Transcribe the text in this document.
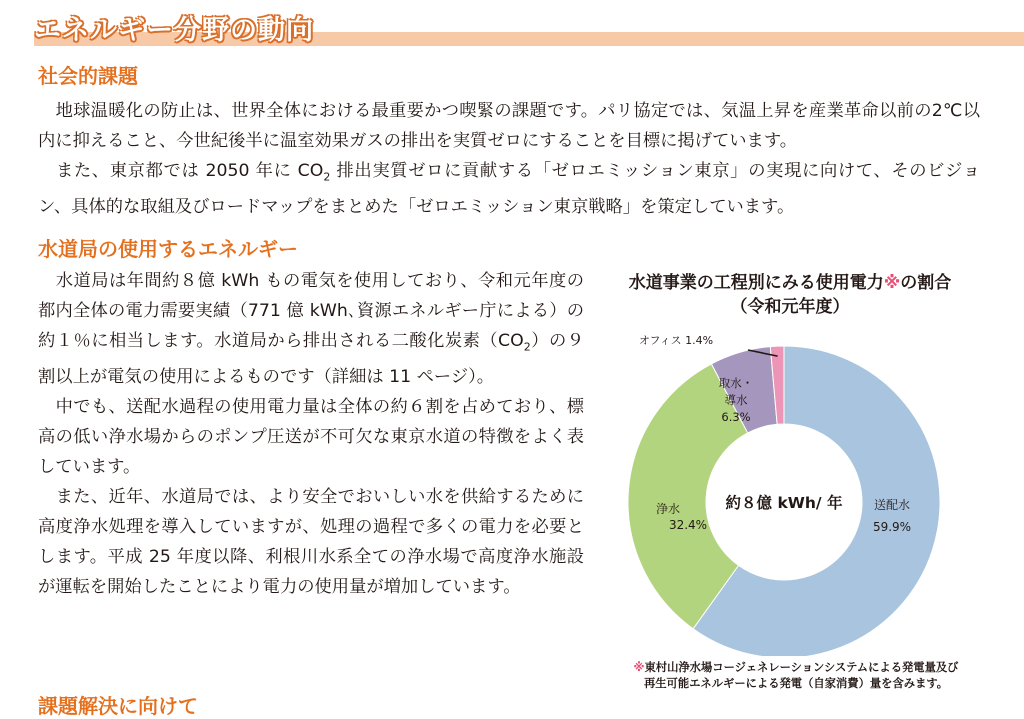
エネルギー分野の動向
社会的課題

地球温暖化の防止は、世界全体における最重要かつ喫緊の課題です。パリ協定では、気温上昇を産業革命以前の2℃以内に抑えること、今世紀後半に温室効果ガスの排出を実質ゼロにすることを目標に掲げています。

また、東京都では 2050 年に $CO_2$ 排出実質ゼロに貢献する「ゼロエミッション東京」の実現に向けて、そのビジョン、具体的な取組及びロードマップをまとめた「ゼロエミッション東京戦略」を策定しています。

水道局の使用するエネルギー

水道局は年間約８億 kWh もの電気を使用しており、令和元年度の都内全体の電力需要実績（771 億 kWh､資源エネルギー庁による）の約１％に相当します。水道局から排出される二酸化炭素$(CO_2)$の９割以上が電気の使用によるものです（詳細は 11 ページ）。

中でも、送配水過程の使用電力量は全体の約６割を占めており、標高の低い浄水場からのポンプ圧送が不可欠な東京水道の特徴をよく表しています。

また、近年、水道局では、より安全でおいしい水を供給するために高度浄水処理を導入していますが、処理の過程で多くの電力を必要とします。平成 25 年度以降、利根川水系全ての浄水場で高度浄水施設が運転を開始したことにより電力の使用量が増加しています。

課題解決に向けて
水道事業の工程別にみる使用電力※の割合
（令和元年度）
送配水
59.9%
浄水
32.4%
取水・
導水
6.3%
オフィス 1.4%
約８億 kWh/ 年
※東村山浄水場コージェネレーションシステムによる発電量及び
再生可能エネルギーによる発電（自家消費）量を含みます。
